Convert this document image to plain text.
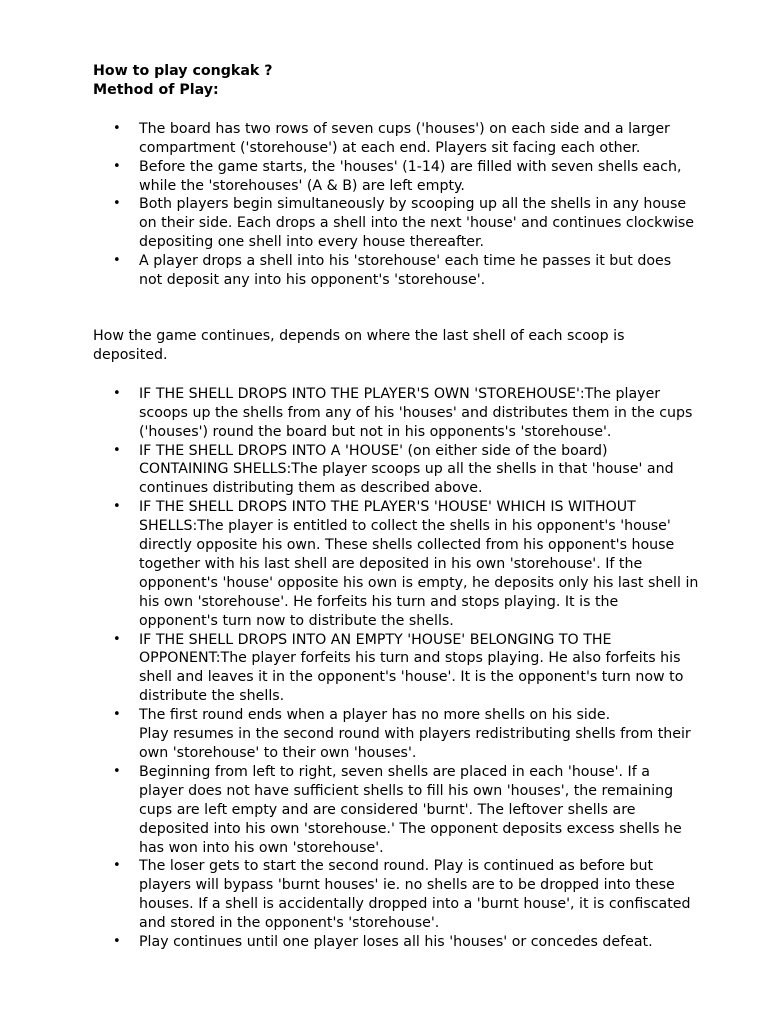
How to play congkak ?

Method of Play:

• The board has two rows of seven cups ('houses') on each side and a larger
compartment ('storehouse') at each end. Players sit facing each other.
• Before the game starts, the 'houses' (1-14) are filled with seven shells each,
while the 'storehouses' (A & B) are left empty.
• Both players begin simultaneously by scooping up all the shells in any house
on their side. Each drops a shell into the next 'house' and continues clockwise
depositing one shell into every house thereafter.
• A player drops a shell into his 'storehouse' each time he passes it but does
not deposit any into his opponent's 'storehouse'.

How the game continues, depends on where the last shell of each scoop is
deposited.

• IF THE SHELL DROPS INTO THE PLAYER'S OWN 'STOREHOUSE':The player
scoops up the shells from any of his 'houses' and distributes them in the cups
('houses') round the board but not in his opponents's 'storehouse'.
• IF THE SHELL DROPS INTO A 'HOUSE' (on either side of the board)
CONTAINING SHELLS:The player scoops up all the shells in that 'house' and
continues distributing them as described above.
• IF THE SHELL DROPS INTO THE PLAYER'S 'HOUSE' WHICH IS WITHOUT
SHELLS:The player is entitled to collect the shells in his opponent's 'house'
directly opposite his own. These shells collected from his opponent's house
together with his last shell are deposited in his own 'storehouse'. If the
opponent's 'house' opposite his own is empty, he deposits only his last shell in
his own 'storehouse'. He forfeits his turn and stops playing. It is the
opponent's turn now to distribute the shells.
• IF THE SHELL DROPS INTO AN EMPTY 'HOUSE' BELONGING TO THE
OPPONENT:The player forfeits his turn and stops playing. He also forfeits his
shell and leaves it in the opponent's 'house'. It is the opponent's turn now to
distribute the shells.
• The first round ends when a player has no more shells on his side.
Play resumes in the second round with players redistributing shells from their
own 'storehouse' to their own 'houses'.
• Beginning from left to right, seven shells are placed in each 'house'. If a
player does not have sufficient shells to fill his own 'houses', the remaining
cups are left empty and are considered 'burnt'. The leftover shells are
deposited into his own 'storehouse.' The opponent deposits excess shells he
has won into his own 'storehouse'.
• The loser gets to start the second round. Play is continued as before but
players will bypass 'burnt houses' ie. no shells are to be dropped into these
houses. If a shell is accidentally dropped into a 'burnt house', it is confiscated
and stored in the opponent's 'storehouse'.
• Play continues until one player loses all his 'houses' or concedes defeat.
